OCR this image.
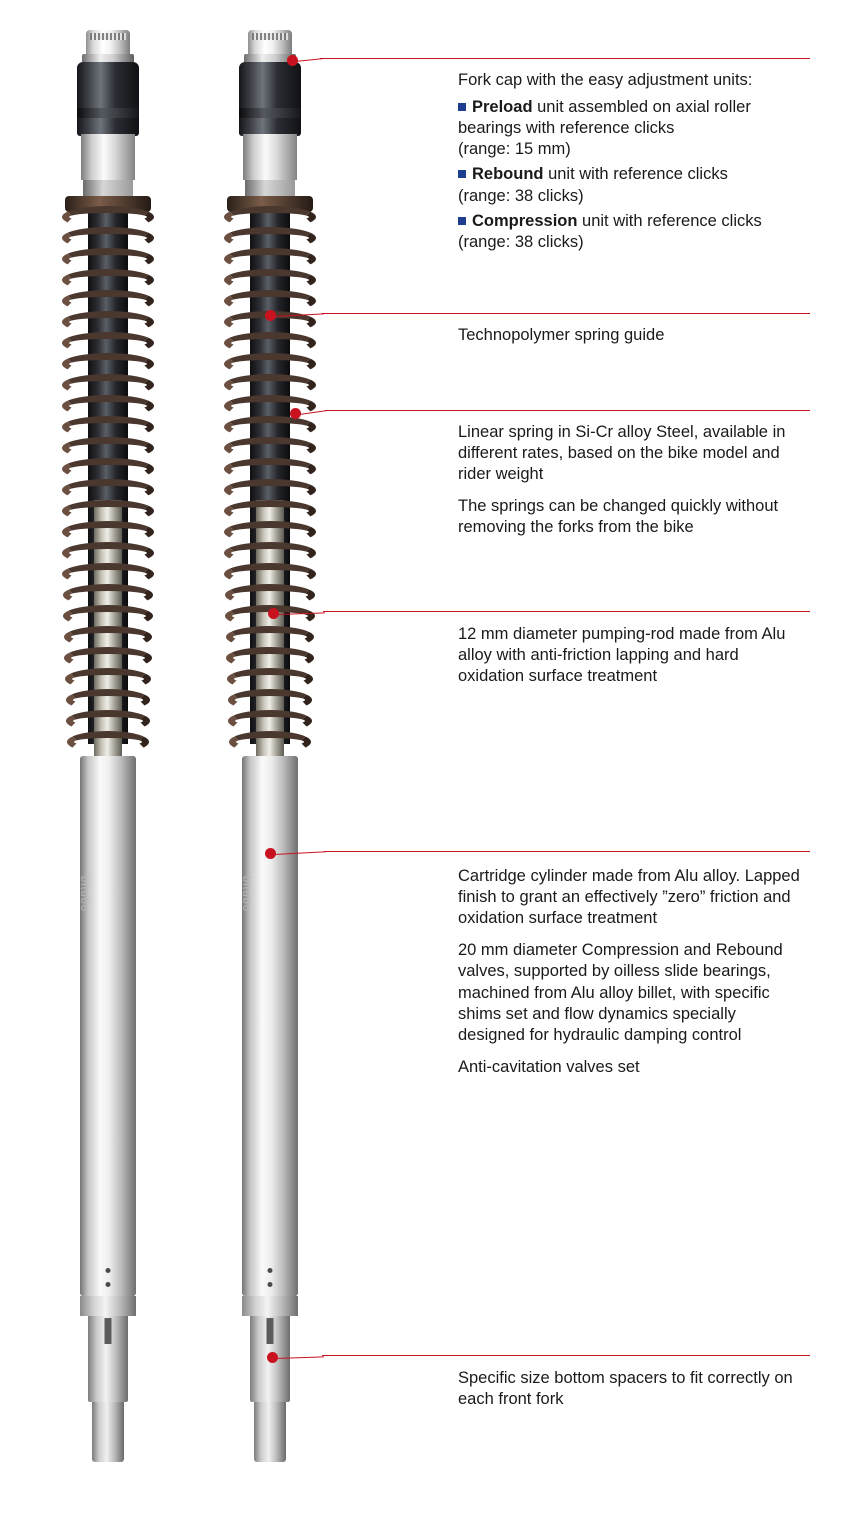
bitubo	bitubo

Fork cap with the easy adjustment units:

Preload unit assembled on axial roller bearings with reference clicks

(range: 15 mm)

Rebound unit with reference clicks

(range: 38 clicks)

Compression unit with reference clicks

(range: 38 clicks)

Technopolymer spring guide

Linear spring in Si-Cr alloy Steel, available in different rates, based on the bike model and rider weight

The springs can be changed quickly without removing the forks from the bike

12 mm diameter pumping-rod made from Alu alloy with anti-friction lapping and hard oxidation surface treatment

Cartridge cylinder made from Alu alloy. Lapped finish to grant an effectively ”zero” friction and oxidation surface treatment

20 mm diameter Compression and Rebound valves, supported by oilless slide bearings, machined from Alu alloy billet, with specific shims set and flow dynamics specially designed for hydraulic damping control

Anti-cavitation valves set

Specific size bottom spacers to fit correctly on each front fork
